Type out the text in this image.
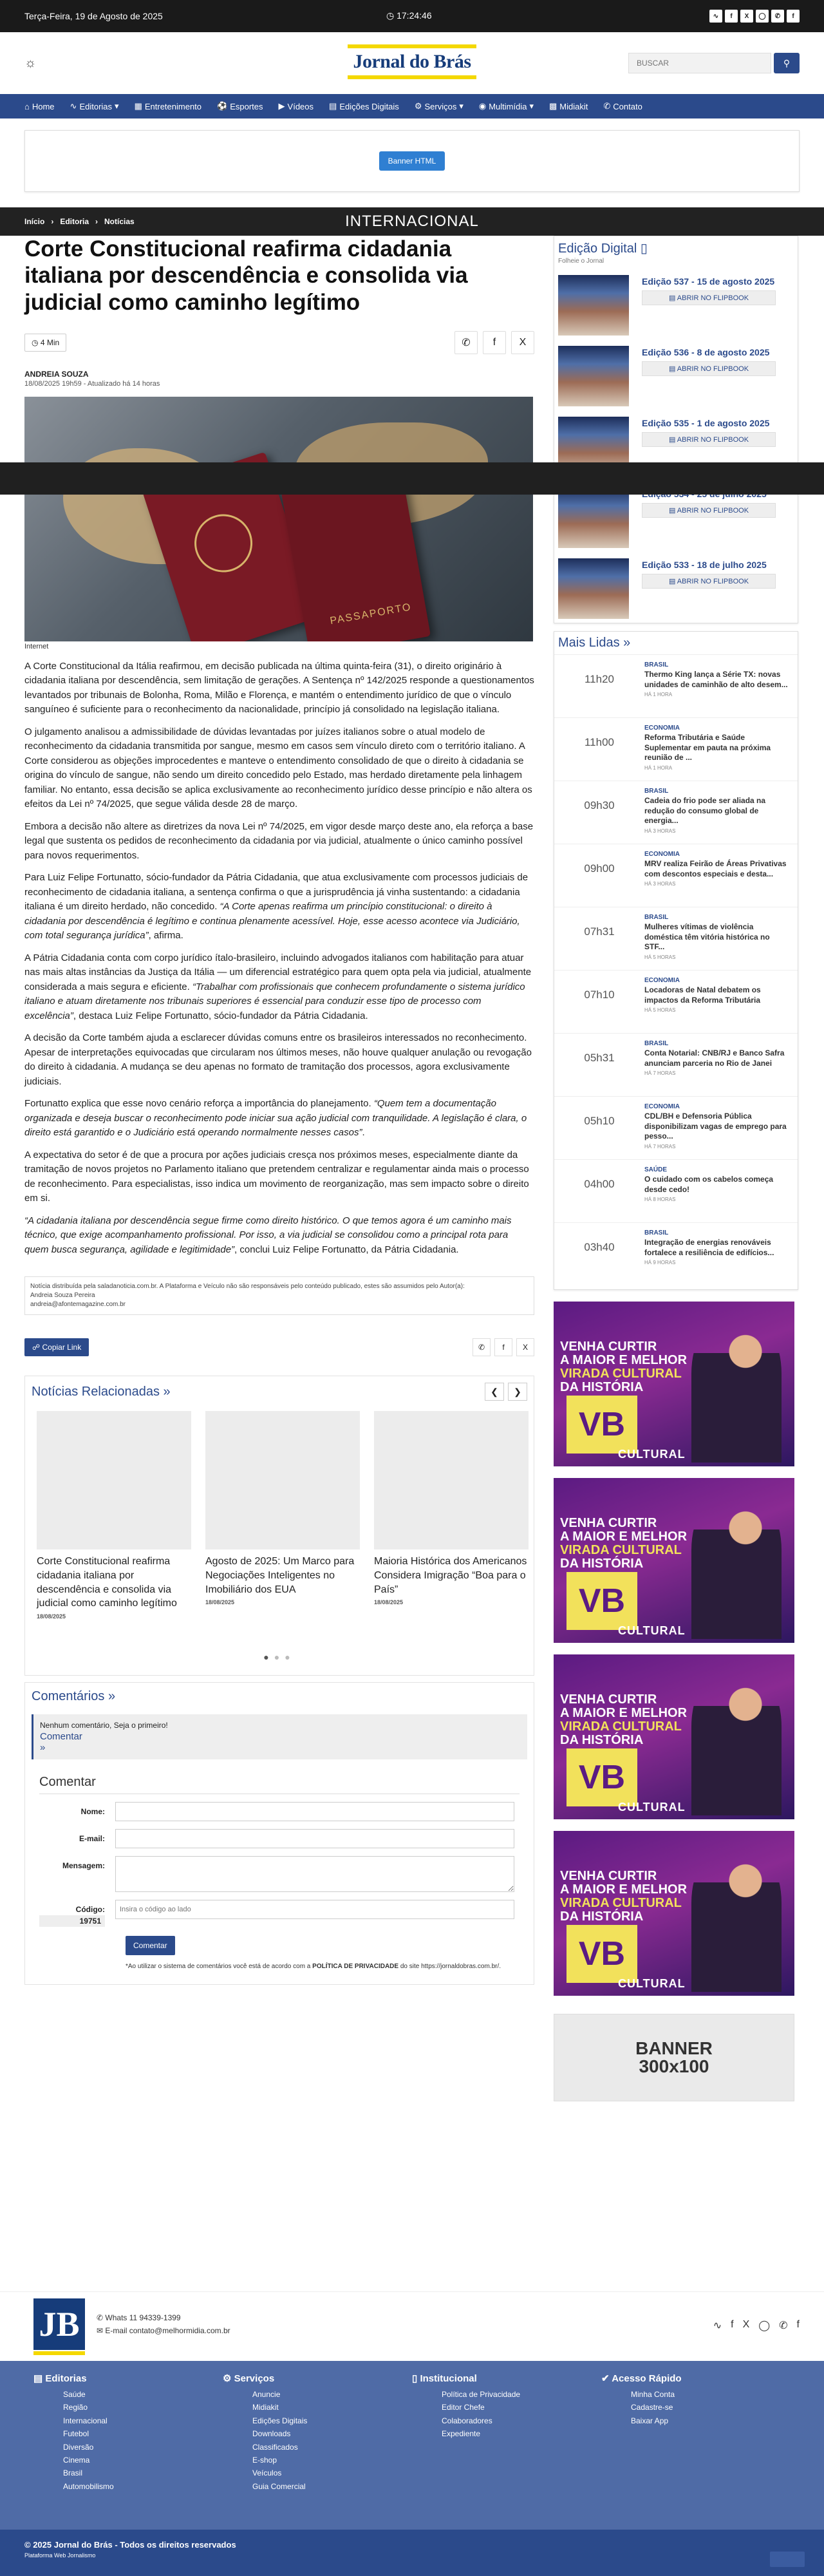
Terça-Feira, 19 de Agosto de 2025	◷ 17:24:46	∿	f	X	◯	✆	f
☼	Jornal do Brás
BUSCAR	⚲
⌂ Home ∿ Editorias ▾ ▦ Entretenimento ⚽ Esportes ▶ Vídeos ▤ Edições Digitais ⚙ Serviços ▾ ◉ Multimídia ▾ ▩ Midiakit ✆ Contato
Banner HTML
Início › Editoria › Notícias	INTERNACIONAL
Corte Constitucional reafirma cidadania italiana por descendência e consolida via judicial como caminho legítimo
◷ 4 Min	✆	f	X
ANDREIA SOUZA
18/08/2025 19h59 - Atualizado há 14 horas
PASSAPORTO
Internet

A Corte Constitucional da Itália reafirmou, em decisão publicada na última quinta-feira (31), o direito originário à cidadania italiana por descendência, sem limitação de gerações. A Sentença nº 142/2025 responde a questionamentos levantados por tribunais de Bolonha, Roma, Milão e Florença, e mantém o entendimento jurídico de que o vínculo sanguíneo é suficiente para o reconhecimento da nacionalidade, princípio já consolidado na legislação italiana.

O julgamento analisou a admissibilidade de dúvidas levantadas por juízes italianos sobre o atual modelo de reconhecimento da cidadania transmitida por sangue, mesmo em casos sem vínculo direto com o território italiano. A Corte considerou as objeções improcedentes e manteve o entendimento consolidado de que o direito à cidadania se origina do vínculo de sangue, não sendo um direito concedido pelo Estado, mas herdado diretamente pela linhagem familiar. No entanto, essa decisão se aplica exclusivamente ao reconhecimento jurídico desse princípio e não altera os efeitos da Lei nº 74/2025, que segue válida desde 28 de março.

Embora a decisão não altere as diretrizes da nova Lei nº 74/2025, em vigor desde março deste ano, ela reforça a base legal que sustenta os pedidos de reconhecimento da cidadania por via judicial, atualmente o único caminho possível para novos requerimentos.

Para Luiz Felipe Fortunatto, sócio-fundador da Pátria Cidadania, que atua exclusivamente com processos judiciais de reconhecimento de cidadania italiana, a sentença confirma o que a jurisprudência já vinha sustentando: a cidadania italiana é um direito herdado, não concedido. “A Corte apenas reafirma um princípio constitucional: o direito à cidadania por descendência é legítimo e continua plenamente acessível. Hoje, esse acesso acontece via Judiciário, com total segurança jurídica”, afirma.

A Pátria Cidadania conta com corpo jurídico ítalo-brasileiro, incluindo advogados italianos com habilitação para atuar nas mais altas instâncias da Justiça da Itália — um diferencial estratégico para quem opta pela via judicial, atualmente considerada a mais segura e eficiente. “Trabalhar com profissionais que conhecem profundamente o sistema jurídico italiano e atuam diretamente nos tribunais superiores é essencial para conduzir esse tipo de processo com excelência”, destaca Luiz Felipe Fortunatto, sócio-fundador da Pátria Cidadania.

A decisão da Corte também ajuda a esclarecer dúvidas comuns entre os brasileiros interessados no reconhecimento. Apesar de interpretações equivocadas que circularam nos últimos meses, não houve qualquer anulação ou revogação do direito à cidadania. A mudança se deu apenas no formato de tramitação dos processos, agora exclusivamente judiciais.

Fortunatto explica que esse novo cenário reforça a importância do planejamento. “Quem tem a documentação organizada e deseja buscar o reconhecimento pode iniciar sua ação judicial com tranquilidade. A legislação é clara, o direito está garantido e o Judiciário está operando normalmente nesses casos”.

A expectativa do setor é de que a procura por ações judiciais cresça nos próximos meses, especialmente diante da tramitação de novos projetos no Parlamento italiano que pretendem centralizar e regulamentar ainda mais o processo de reconhecimento. Para especialistas, isso indica um movimento de reorganização, mas sem impacto sobre o direito em si.

“A cidadania italiana por descendência segue firme como direito histórico. O que temos agora é um caminho mais técnico, que exige acompanhamento profissional. Por isso, a via judicial se consolidou como a principal rota para quem busca segurança, agilidade e legitimidade”, conclui Luiz Felipe Fortunatto, da Pátria Cidadania.

Notícia distribuída pela saladanoticia.com.br. A Plataforma e Veículo não são responsáveis pelo conteúdo publicado, estes são assumidos pelo Autor(a):
Andreia Souza Pereira
andreia@afontemagazine.com.br
☍ Copiar Link	✆	f	X
Notícias Relacionadas »	❮	❯
Corte Constitucional reafirma cidadania italiana por descendência e consolida via judicial como caminho legítimo
18/08/2025
Agosto de 2025: Um Marco para Negociações Inteligentes no Imobiliário dos EUA
18/08/2025
Maioria Histórica dos Americanos Considera Imigração “Boa para o País”
18/08/2025
●●●
Comentários »
Nenhum comentário, Seja o primeiro!
Comentar
»
Comentar
Nome:
E-mail:
Mensagem:
Código:
19751
Insira o código ao lado
Comentar
*Ao utilizar o sistema de comentários você está de acordo com a POLÍTICA DE PRIVACIDADE do site https://jornaldobras.com.br/.
Edição Digital ▯
Folheie o Jornal
Edição 537 - 15 de agosto 2025
▤ ABRIR NO FLIPBOOK
Edição 536 - 8 de agosto 2025
▤ ABRIR NO FLIPBOOK
Edição 535 - 1 de agosto 2025
▤ ABRIR NO FLIPBOOK
▤ ABRIR NO FLIPBOOK
Edição 533 - 18 de julho 2025
▤ ABRIR NO FLIPBOOK
Mais Lidas »
11h20
BRASIL
Thermo King lança a Série TX: novas unidades de caminhão de alto desem...
HÁ 1 HORA
11h00
ECONOMIA
Reforma Tributária e Saúde Suplementar em pauta na próxima reunião de ...
HÁ 1 HORA
09h30
BRASIL
Cadeia do frio pode ser aliada na redução do consumo global de energia...
HÁ 3 HORAS
09h00
ECONOMIA
MRV realiza Feirão de Áreas Privativas com descontos especiais e desta...
HÁ 3 HORAS
07h31
BRASIL
Mulheres vítimas de violência doméstica têm vitória histórica no STF...
HÁ 5 HORAS
07h10
ECONOMIA
Locadoras de Natal debatem os impactos da Reforma Tributária
HÁ 5 HORAS
05h31
BRASIL
Conta Notarial: CNB/RJ e Banco Safra anunciam parceria no Rio de Janei
HÁ 7 HORAS
05h10
ECONOMIA
CDL/BH e Defensoria Pública disponibilizam vagas de emprego para pesso...
HÁ 7 HORAS
04h00
SAÚDE
O cuidado com os cabelos começa desde cedo!
HÁ 8 HORAS
03h40
BRASIL
Integração de energias renováveis fortalece a resiliência de edifícios...
HÁ 9 HORAS
VENHA CURTIR
A MAIOR E MELHOR
VIRADA CULTURAL
DA HISTÓRIA
VB
CULTURAL
VENHA CURTIR
A MAIOR E MELHOR
VIRADA CULTURAL
DA HISTÓRIA
VB
CULTURAL
VENHA CURTIR
A MAIOR E MELHOR
VIRADA CULTURAL
DA HISTÓRIA
VB
CULTURAL
VENHA CURTIR
A MAIOR E MELHOR
VIRADA CULTURAL
DA HISTÓRIA
VB
CULTURAL
BANNER
300x100
JB	✆ Whats 11 94339-1399
✉ E-mail contato@melhormidia.com.br	∿ f X ◯ ✆ f
▤ Editorias
Saúde
Região
Internacional
Futebol
Diversão
Cinema
Brasil
Automobilismo
⚙ Serviços
Anuncie
Midiakit
Edições Digitais
Downloads
Classificados
E-shop
Veículos
Guia Comercial
▯ Institucional
Política de Privacidade
Editor Chefe
Colaboradores
Expediente
✔ Acesso Rápido
Minha Conta
Cadastre-se
Baixar App
© 2025 Jornal do Brás - Todos os direitos reservados
Plataforma Web Jornalismo
